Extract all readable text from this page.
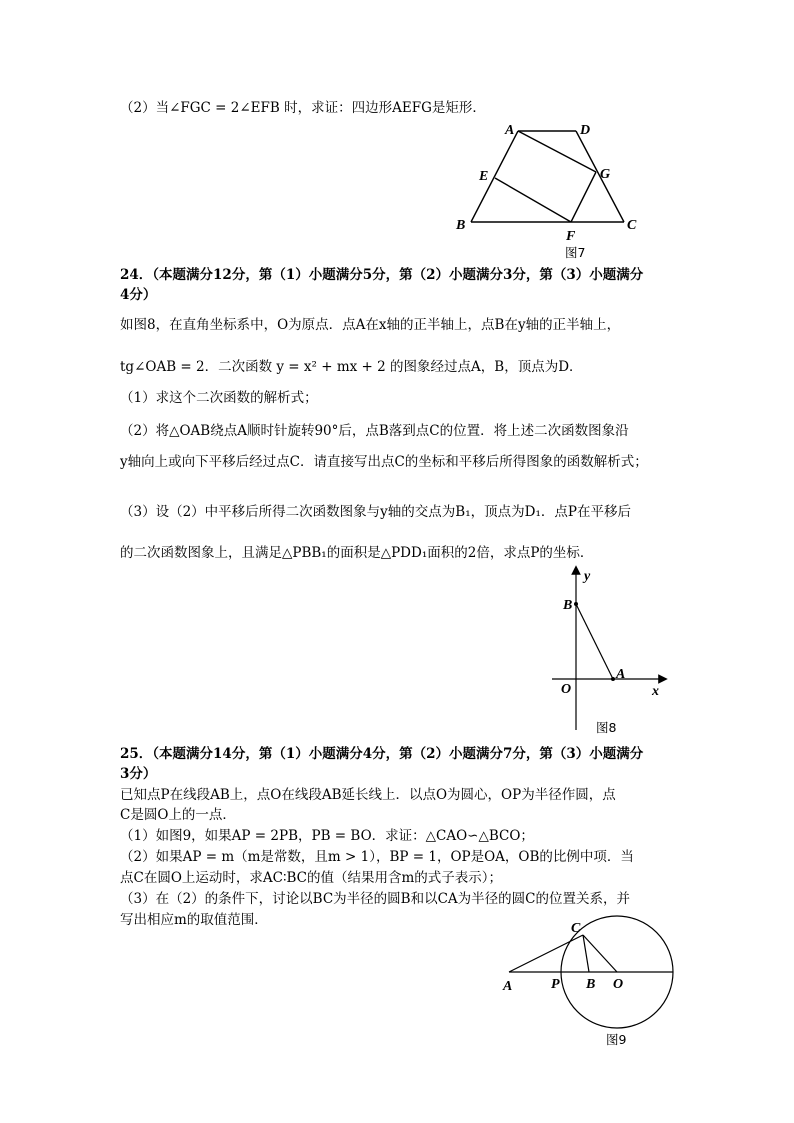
（2）当∠FGC = 2∠EFB 时，求证：四边形AEFG是矩形．
A	D
E	G
B
F
C
图7
24．（本题满分12分，第（1）小题满分5分，第（2）小题满分3分，第（3）小题满分
4分）
如图8，在直角坐标系中，O为原点．点A在x轴的正半轴上，点B在y轴的正半轴上，
tg∠OAB = 2．二次函数 y = x² + mx + 2 的图象经过点A，B，顶点为D．
（1）求这个二次函数的解析式；
（2）将△OAB绕点A顺时针旋转90°后，点B落到点C的位置．将上述二次函数图象沿
y轴向上或向下平移后经过点C．请直接写出点C的坐标和平移后所得图象的函数解析式；
（3）设（2）中平移后所得二次函数图象与y轴的交点为B₁，顶点为D₁．点P在平移后
的二次函数图象上，且满足△PBB₁的面积是△PDD₁面积的2倍，求点P的坐标．
y
B
A
O	x
图8
25．（本题满分14分，第（1）小题满分4分，第（2）小题满分7分，第（3）小题满分
3分）
已知点P在线段AB上，点O在线段AB延长线上．以点O为圆心，OP为半径作圆，点
C是圆O上的一点．
（1）如图9，如果AP = 2PB，PB = BO．求证：△CAO∽△BCO；
（2）如果AP = m（m是常数，且m > 1），BP = 1，OP是OA，OB的比例中项．当
点C在圆O上运动时，求AC∶BC的值（结果用含m的式子表示）；
（3）在（2）的条件下，讨论以BC为半径的圆B和以CA为半径的圆C的位置关系，并
写出相应m的取值范围．
C
A	P B O
图9
